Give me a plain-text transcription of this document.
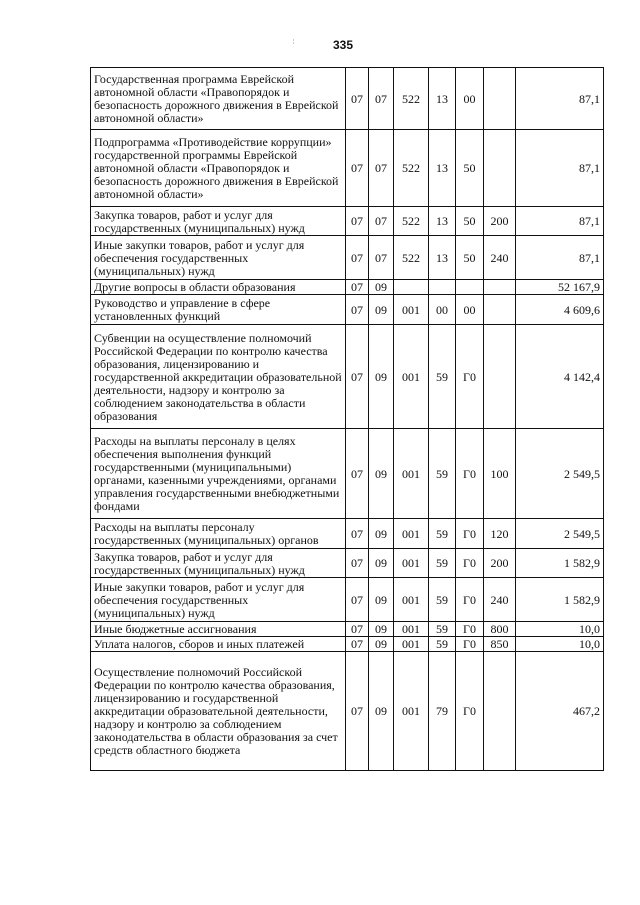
˙ ˙	335
Государственная программа Еврейской автономной области «Правопорядок и безопасность дорожного движения в Еврейской автономной области»	07	07	522	13	00		87,1
Подпрограмма «Противодействие коррупции» государственной программы Еврейской автономной области «Правопорядок и безопасность дорожного движения в Еврейской автономной области»	07	07	522	13	50		87,1
Закупка товаров, работ и услуг для государственных (муниципальных) нужд	07	07	522	13	50	200	87,1
Иные закупки товаров, работ и услуг для обеспечения государственных (муниципальных) нужд	07	07	522	13	50	240	87,1
Другие вопросы в области образования	07	09					52 167,9
Руководство и управление в сфере установленных функций	07	09	001	00	00		4 609,6
Субвенции на осуществление полномочий Российской Федерации по контролю качества образования, лицензированию и государственной аккредитации образовательной деятельности, надзору и контролю за соблюдением законодательства в области образования	07	09	001	59	Г0		4 142,4
Расходы на выплаты персоналу в целях обеспечения выполнения функций государственными (муниципальными) органами, казенными учреждениями, органами управления государственными внебюджетными фондами	07	09	001	59	Г0	100	2 549,5
Расходы на выплаты персоналу государственных (муниципальных) органов	07	09	001	59	Г0	120	2 549,5
Закупка товаров, работ и услуг для государственных (муниципальных) нужд	07	09	001	59	Г0	200	1 582,9
Иные закупки товаров, работ и услуг для обеспечения государственных (муниципальных) нужд	07	09	001	59	Г0	240	1 582,9
Иные бюджетные ассигнования	07	09	001	59	Г0	800	10,0
Уплата налогов, сборов и иных платежей	07	09	001	59	Г0	850	10,0
Осуществление полномочий Российской Федерации по контролю качества образования, лицензированию и государственной аккредитации образовательной деятельности, надзору и контролю за соблюдением законодательства в области образования за счет средств областного бюджета	07	09	001	79	Г0		467,2
